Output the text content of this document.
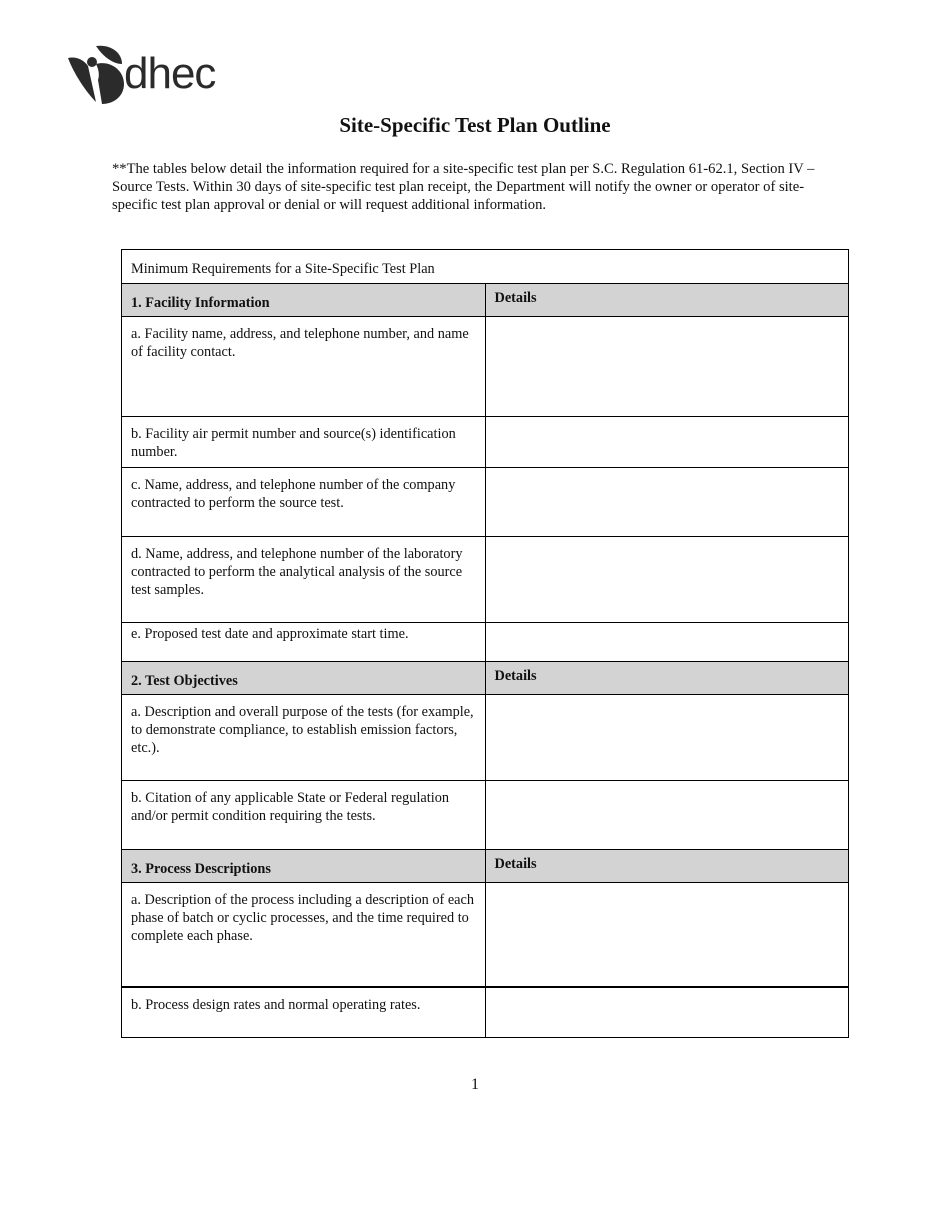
dhec
Site-Specific Test Plan Outline

**The tables below detail the information required for a site-specific test plan per S.C. Regulation 61-62.1, Section IV – Source Tests. Within 30 days of site-specific test plan receipt, the Department will notify the owner or operator of site-specific test plan approval or denial or will request additional information.

Minimum Requirements for a Site-Specific Test Plan	

1. Facility Information	Details

a. Facility name, address, and telephone number, and name of facility contact.	

b. Facility air permit number and source(s) identification number.	

c. Name, address, and telephone number of the company contracted to perform the source test.	

d. Name, address, and telephone number of the laboratory contracted to perform the analytical analysis of the source test samples.	

e. Proposed test date and approximate start time.	

2. Test Objectives	Details

a. Description and overall purpose of the tests (for example, to demonstrate compliance, to establish emission factors, etc.).	

b. Citation of any applicable State or Federal regulation and/or permit condition requiring the tests.	

3. Process Descriptions	Details

a. Description of the process including a description of each phase of batch or cyclic processes, and the time required to complete each phase.	

b. Process design rates and normal operating rates.	

1
